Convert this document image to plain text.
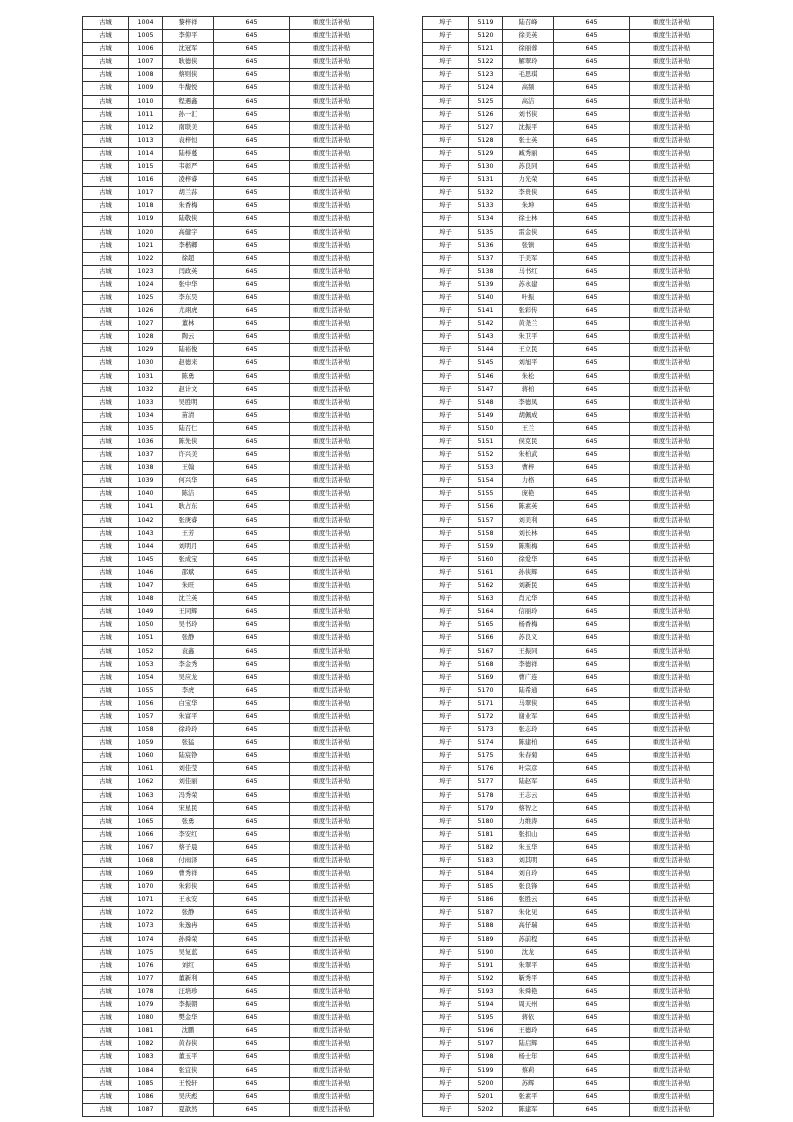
古城	1004	黎梓祥	645	重度生活补贴
古城	1005	李仰平	645	重度生活补贴
古城	1006	沈冠军	645	重度生活补贴
古城	1007	耿德侠	645	重度生活补贴
古城	1008	蔡则侠	645	重度生活补贴
古城	1009	牛馥悦	645	重度生活补贴
古城	1010	程遇鑫	645	重度生活补贴
古城	1011	孙一汇	645	重度生活补贴
古城	1012	南联美	645	重度生活补贴
古城	1013	袁梓恒	645	重度生活补贴
古城	1014	陆桴蔓	645	重度生活补贴
古城	1015	韦彰严	645	重度生活补贴
古城	1016	凌梓睿	645	重度生活补贴
古城	1017	胡兰荪	645	重度生活补贴
古城	1018	朱香梅	645	重度生活补贴
古城	1019	陆敬侠	645	重度生活补贴
古城	1020	高健宇	645	重度生活补贴
古城	1021	李楷卿	645	重度生活补贴
古城	1022	徐超	645	重度生活补贴
古城	1023	闫政英	645	重度生活补贴
古城	1024	张中华	645	重度生活补贴
古城	1025	李东昊	645	重度生活补贴
古城	1026	尤翊虎	645	重度生活补贴
古城	1027	董林	645	重度生活补贴
古城	1028	陶云	645	重度生活补贴
古城	1029	陆裕俊	645	重度生活补贴
古城	1030	赵德来	645	重度生活补贴
古城	1031	陈勇	645	重度生活补贴
古城	1032	赵计文	645	重度生活补贴
古城	1033	吴胜明	645	重度生活补贴
古城	1034	苗清	645	重度生活补贴
古城	1035	陆召仁	645	重度生活补贴
古城	1036	陈先侠	645	重度生活补贴
古城	1037	许兴美	645	重度生活补贴
古城	1038	王翰	645	重度生活补贴
古城	1039	何兴华	645	重度生活补贴
古城	1040	陈洁	645	重度生活补贴
古城	1041	耿占东	645	重度生活补贴
古城	1042	张庚睿	645	重度生活补贴
古城	1043	王芳	645	重度生活补贴
古城	1044	刘明月	645	重度生活补贴
古城	1045	张成宝	645	重度生活补贴
古城	1046	邵斌	645	重度生活补贴
古城	1047	朱旺	645	重度生活补贴
古城	1048	沈兰英	645	重度生活补贴
古城	1049	王同辉	645	重度生活补贴
古城	1050	吴书玲	645	重度生活补贴
古城	1051	张静	645	重度生活补贴
古城	1052	袁鑫	645	重度生活补贴
古城	1053	李金秀	645	重度生活补贴
古城	1054	吴应龙	645	重度生活补贴
古城	1055	李虎	645	重度生活补贴
古城	1056	白宝华	645	重度生活补贴
古城	1057	朱富平	645	重度生活补贴
古城	1058	徐玲玲	645	重度生活补贴
古城	1059	张猛	645	重度生活补贴
古城	1060	陆宸铮	645	重度生活补贴
古城	1061	刘佳莹	645	重度生活补贴
古城	1062	刘佳丽	645	重度生活补贴
古城	1063	冯秀荣	645	重度生活补贴
古城	1064	宋星民	645	重度生活补贴
古城	1065	张勇	645	重度生活补贴
古城	1066	李安红	645	重度生活补贴
古城	1067	蔡子晨	645	重度生活补贴
古城	1068	付雨泽	645	重度生活补贴
古城	1069	曹秀祥	645	重度生活补贴
古城	1070	朱彩侠	645	重度生活补贴
古城	1071	王永安	645	重度生活补贴
古城	1072	张静	645	重度生活补贴
古城	1073	朱逸冉	645	重度生活补贴
古城	1074	孙舜荣	645	重度生活补贴
古城	1075	吴复蓝	645	重度生活补贴
古城	1076	刘红	645	重度生活补贴
古城	1077	董新利	645	重度生活补贴
古城	1078	汪培珍	645	重度生活补贴
古城	1079	李振朝	645	重度生活补贴
古城	1080	樊金华	645	重度生活补贴
古城	1081	沈鹏	645	重度生活补贴
古城	1082	黄春侠	645	重度生活补贴
古城	1083	董玉平	645	重度生活补贴
古城	1084	张宜侠	645	重度生活补贴
古城	1085	王悦轩	645	重度生活补贴
古城	1086	吴庆彪	645	重度生活补贴
古城	1087	夏歆然	645	重度生活补贴
埠子	5119	陆召峰	645	重度生活补贴
埠子	5120	徐美英	645	重度生活补贴
埠子	5121	徐丽蓉	645	重度生活补贴
埠子	5122	解翠玲	645	重度生活补贴
埠子	5123	毛思琪	645	重度生活补贴
埠子	5124	高频	645	重度生活补贴
埠子	5125	高洁	645	重度生活补贴
埠子	5126	刘书侠	645	重度生活补贴
埠子	5127	沈振平	645	重度生活补贴
埠子	5128	张士英	645	重度生活补贴
埠子	5129	臧秀丽	645	重度生活补贴
埠子	5130	苏良同	645	重度生活补贴
埠子	5131	力光荣	645	重度生活补贴
埠子	5132	李贵侠	645	重度生活补贴
埠子	5133	朱坤	645	重度生活补贴
埠子	5134	徐士林	645	重度生活补贴
埠子	5135	雷金侠	645	重度生活补贴
埠子	5136	张镇	645	重度生活补贴
埠子	5137	于美军	645	重度生活补贴
埠子	5138	马书红	645	重度生活补贴
埠子	5139	苏永建	645	重度生活补贴
埠子	5140	叶振	645	重度生活补贴
埠子	5141	张彩传	645	重度生活补贴
埠子	5142	黄尧兰	645	重度生活补贴
埠子	5143	朱卫平	645	重度生活补贴
埠子	5144	王立民	645	重度生活补贴
埠子	5145	刘旭平	645	重度生活补贴
埠子	5146	朱松	645	重度生活补贴
埠子	5147	蒋柏	645	重度生活补贴
埠子	5148	李德凤	645	重度生活补贴
埠子	5149	胡佩成	645	重度生活补贴
埠子	5150	王兰	645	重度生活补贴
埠子	5151	侯克民	645	重度生活补贴
埠子	5152	朱柏武	645	重度生活补贴
埠子	5153	曹梓	645	重度生活补贴
埠子	5154	力格	645	重度生活补贴
埠子	5155	庞艳	645	重度生活补贴
埠子	5156	陈素英	645	重度生活补贴
埠子	5157	刘美利	645	重度生活补贴
埠子	5158	刘长林	645	重度生活补贴
埠子	5159	陈斯梅	645	重度生活补贴
埠子	5160	徐爱华	645	重度生活补贴
埠子	5161	孙侠辉	645	重度生活补贴
埠子	5162	刘新民	645	重度生活补贴
埠子	5163	肖元华	645	重度生活补贴
埠子	5164	信丽玲	645	重度生活补贴
埠子	5165	杨香梅	645	重度生活补贴
埠子	5166	苏良义	645	重度生活补贴
埠子	5167	王振同	645	重度生活补贴
埠子	5168	李德祥	645	重度生活补贴
埠子	5169	曹广连	645	重度生活补贴
埠子	5170	陆希通	645	重度生活补贴
埠子	5171	马翠侠	645	重度生活补贴
埠子	5172	谢业军	645	重度生活补贴
埠子	5173	张志玲	645	重度生活补贴
埠子	5174	陈建柏	645	重度生活补贴
埠子	5175	朱春菊	645	重度生活补贴
埠子	5176	叶宗彦	645	重度生活补贴
埠子	5177	陆赵军	645	重度生活补贴
埠子	5178	王志云	645	重度生活补贴
埠子	5179	蔡智之	645	重度生活补贴
埠子	5180	力维涛	645	重度生活补贴
埠子	5181	张扣山	645	重度生活补贴
埠子	5182	朱玉华	645	重度生活补贴
埠子	5183	刘其明	645	重度生活补贴
埠子	5184	刘自玲	645	重度生活补贴
埠子	5185	张良锋	645	重度生活补贴
埠子	5186	张胜云	645	重度生活补贴
埠子	5187	朱化见	645	重度生活补贴
埠子	5188	高仔瑞	645	重度生活补贴
埠子	5189	苏前程	645	重度生活补贴
埠子	5190	沈龙	645	重度生活补贴
埠子	5191	朱翠平	645	重度生活补贴
埠子	5192	靳秀平	645	重度生活补贴
埠子	5193	朱舜艳	645	重度生活补贴
埠子	5194	周天州	645	重度生活补贴
埠子	5195	蒋依	645	重度生活补贴
埠子	5196	王德玲	645	重度生活补贴
埠子	5197	陆启辉	645	重度生活补贴
埠子	5198	杨士年	645	重度生活补贴
埠子	5199	蔡莉	645	重度生活补贴
埠子	5200	苏辉	645	重度生活补贴
埠子	5201	张素平	645	重度生活补贴
埠子	5202	陈建军	645	重度生活补贴
